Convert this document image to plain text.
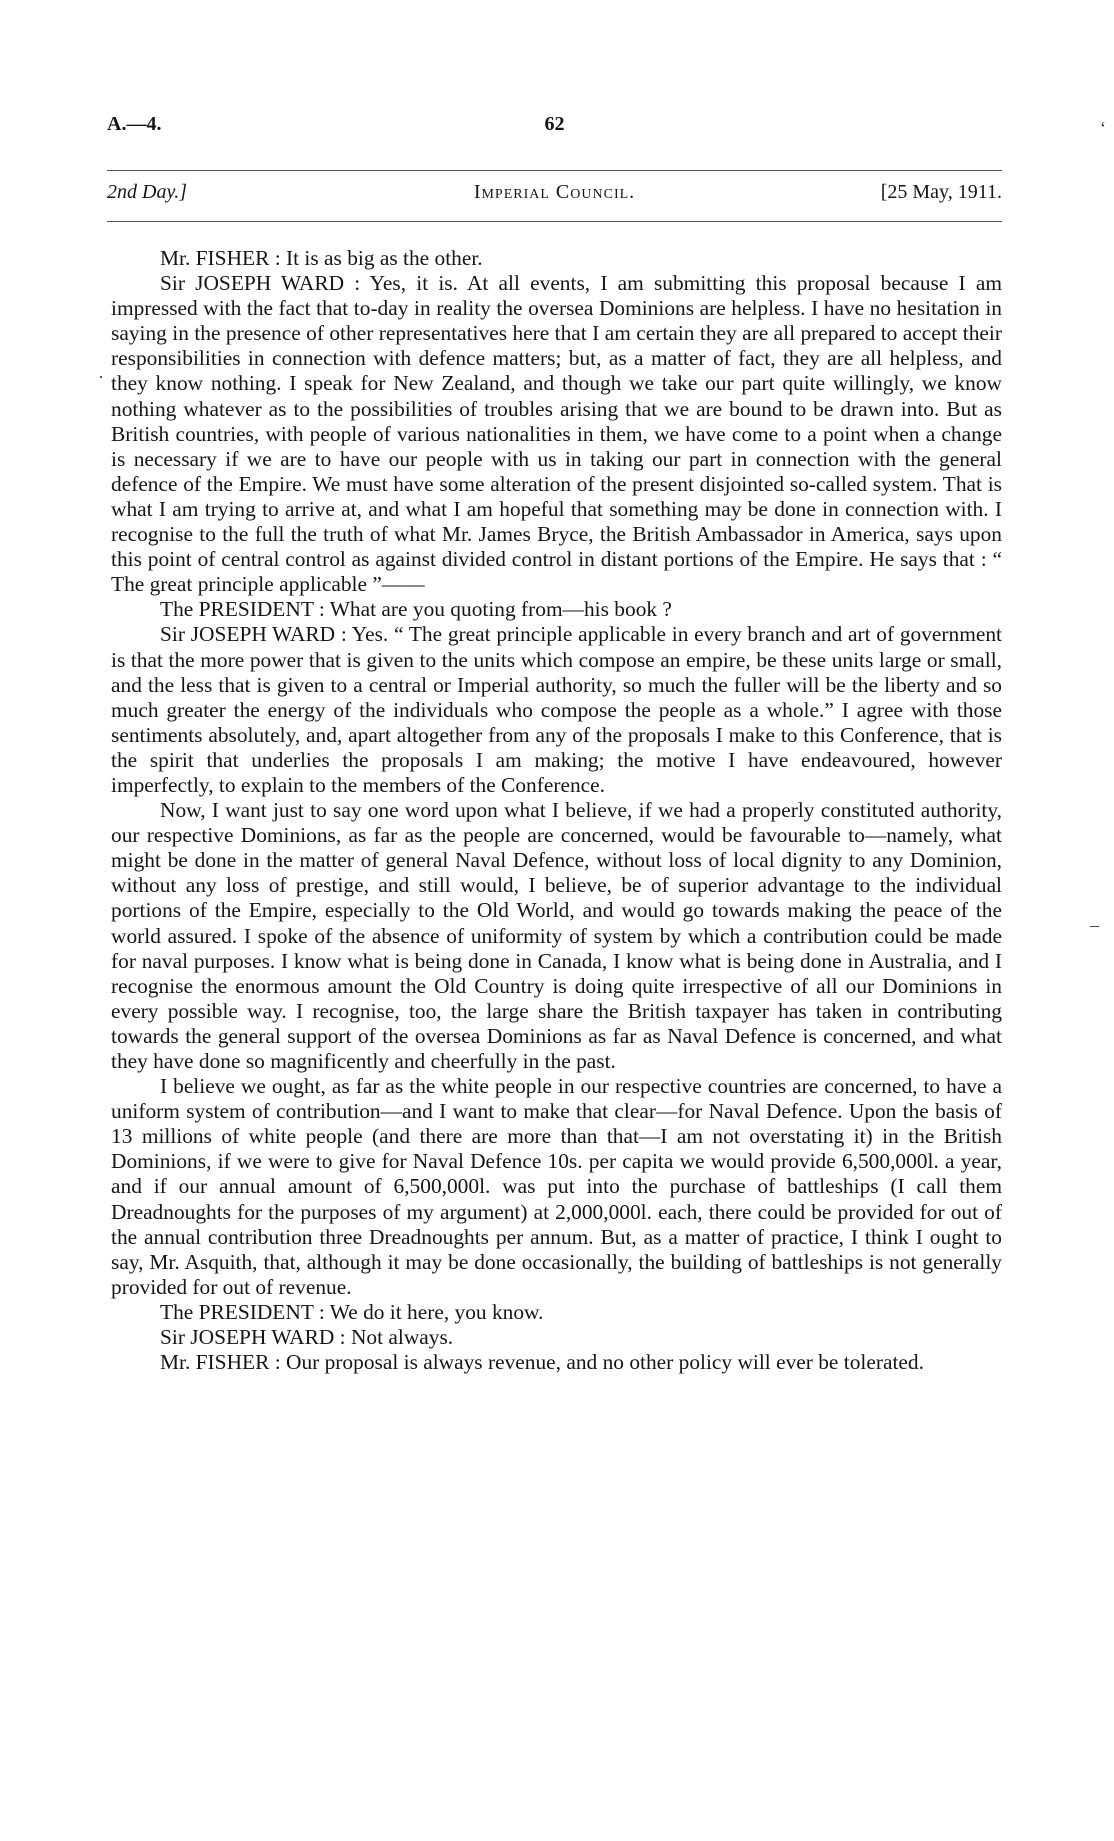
A.—4.	62
2nd Day.]	Imperial Council.	[25 May, 1911.

Mr. FISHER : It is as big as the other.

Sir JOSEPH WARD : Yes, it is. At all events, I am submitting this proposal because I am impressed with the fact that to-day in reality the oversea Dominions are helpless. I have no hesitation in saying in the presence of other representatives here that I am certain they are all prepared to accept their responsibilities in connection with defence matters; but, as a matter of fact, they are all helpless, and they know nothing. I speak for New Zealand, and though we take our part quite willingly, we know nothing whatever as to the possibilities of troubles arising that we are bound to be drawn into. But as British countries, with people of various nationalities in them, we have come to a point when a change is necessary if we are to have our people with us in taking our part in connection with the general defence of the Empire. We must have some alteration of the present disjointed so-called system. That is what I am trying to arrive at, and what I am hopeful that something may be done in connection with. I recognise to the full the truth of what Mr. James Bryce, the British Ambassador in America, says upon this point of central control as against divided control in distant portions of the Empire. He says that : “ The great principle applicable ”——

The PRESIDENT : What are you quoting from—his book ?

Sir JOSEPH WARD : Yes. “ The great principle applicable in every branch and art of government is that the more power that is given to the units which compose an empire, be these units large or small, and the less that is given to a central or Imperial authority, so much the fuller will be the liberty and so much greater the energy of the individuals who compose the people as a whole.” I agree with those sentiments absolutely, and, apart altogether from any of the proposals I make to this Conference, that is the spirit that underlies the proposals I am making; the motive I have endeavoured, however imperfectly, to explain to the members of the Conference.

Now, I want just to say one word upon what I believe, if we had a properly constituted authority, our respective Dominions, as far as the people are concerned, would be favourable to—namely, what might be done in the matter of general Naval Defence, without loss of local dignity to any Dominion, without any loss of prestige, and still would, I believe, be of superior advantage to the individual portions of the Empire, especially to the Old World, and would go towards making the peace of the world assured. I spoke of the absence of uniformity of system by which a contribution could be made for naval purposes. I know what is being done in Canada, I know what is being done in Australia, and I recognise the enormous amount the Old Country is doing quite irrespective of all our Dominions in every possible way. I recognise, too, the large share the British taxpayer has taken in contributing towards the general support of the oversea Dominions as far as Naval Defence is concerned, and what they have done so magnificently and cheerfully in the past.

I believe we ought, as far as the white people in our respective countries are concerned, to have a uniform system of contribution—and I want to make that clear—for Naval Defence. Upon the basis of 13 millions of white people (and there are more than that—I am not overstating it) in the British Dominions, if we were to give for Naval Defence 10s. per capita we would provide 6,500,000l. a year, and if our annual amount of 6,500,000l. was put into the purchase of battleships (I call them Dreadnoughts for the purposes of my argument) at 2,000,000l. each, there could be provided for out of the annual contribution three Dreadnoughts per annum. But, as a matter of practice, I think I ought to say, Mr. Asquith, that, although it may be done occasionally, the building of battleships is not generally provided for out of revenue.

The PRESIDENT : We do it here, you know.

Sir JOSEPH WARD : Not always.

Mr. FISHER : Our proposal is always revenue, and no other policy will ever be tolerated.

‘
·
–
